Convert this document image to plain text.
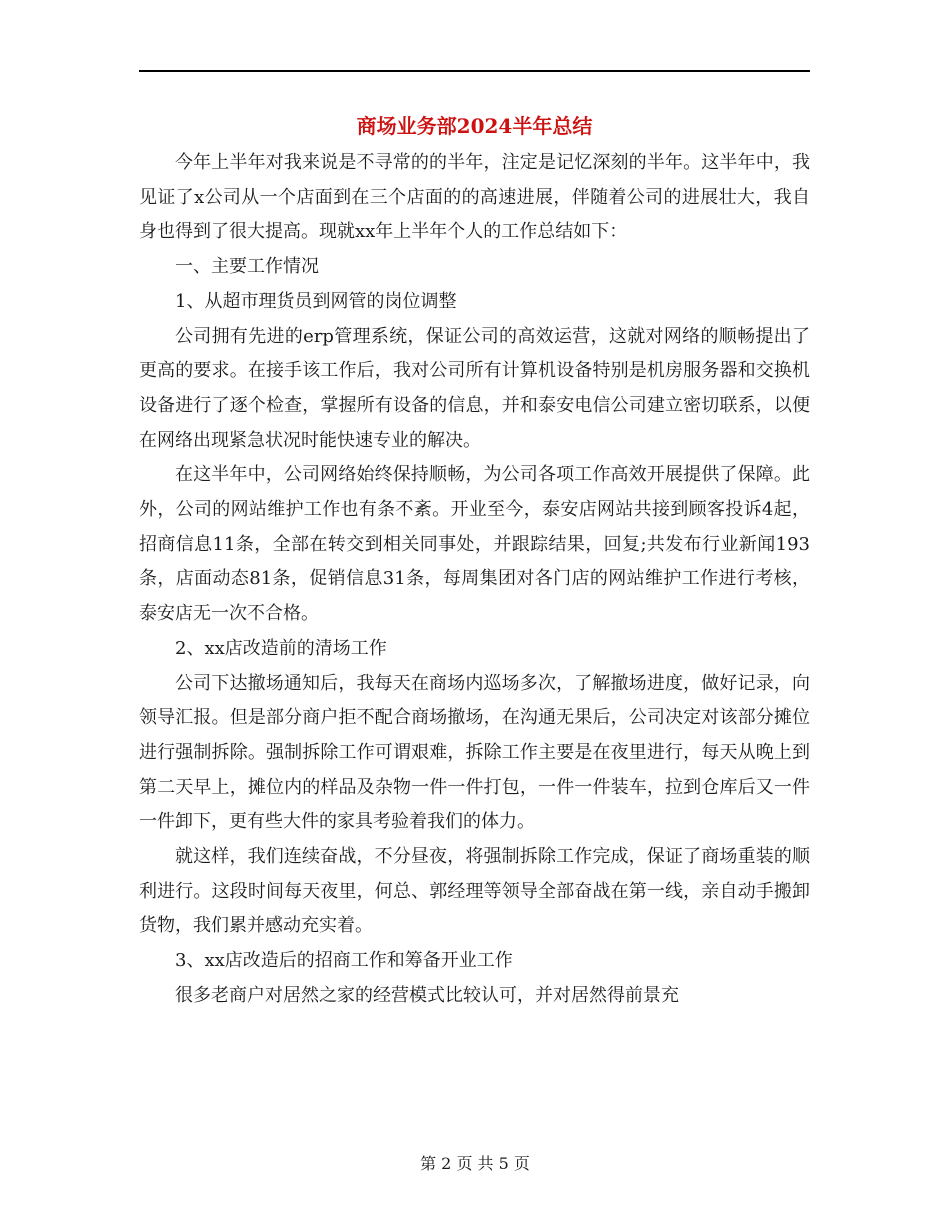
商场业务部2024半年总结

今年上半年对我来说是不寻常的的半年，注定是记忆深刻的半年。这半年中，我见证了x公司从一个店面到在三个店面的的高速进展，伴随着公司的进展壮大，我自身也得到了很大提高。现就xx年上半年个人的工作总结如下：

一、主要工作情况

1、从超市理货员到网管的岗位调整

公司拥有先进的erp管理系统，保证公司的高效运营，这就对网络的顺畅提出了更高的要求。在接手该工作后，我对公司所有计算机设备特别是机房服务器和交换机设备进行了逐个检查，掌握所有设备的信息，并和泰安电信公司建立密切联系，以便在网络出现紧急状况时能快速专业的解决。

在这半年中，公司网络始终保持顺畅，为公司各项工作高效开展提供了保障。此外，公司的网站维护工作也有条不紊。开业至今，泰安店网站共接到顾客投诉4起，招商信息11条，全部在转交到相关同事处，并跟踪结果，回复;共发布行业新闻193条，店面动态81条，促销信息31条，每周集团对各门店的网站维护工作进行考核，泰安店无一次不合格。

2、xx店改造前的清场工作

公司下达撤场通知后，我每天在商场内巡场多次，了解撤场进度，做好记录，向领导汇报。但是部分商户拒不配合商场撤场，在沟通无果后，公司决定对该部分摊位进行强制拆除。强制拆除工作可谓艰难，拆除工作主要是在夜里进行，每天从晚上到第二天早上，摊位内的样品及杂物一件一件打包，一件一件装车，拉到仓库后又一件一件卸下，更有些大件的家具考验着我们的体力。

就这样，我们连续奋战，不分昼夜，将强制拆除工作完成，保证了商场重装的顺利进行。这段时间每天夜里，何总、郭经理等领导全部奋战在第一线，亲自动手搬卸货物，我们累并感动充实着。

3、xx店改造后的招商工作和筹备开业工作

很多老商户对居然之家的经营模式比较认可，并对居然得前景充

第 2 页 共 5 页
